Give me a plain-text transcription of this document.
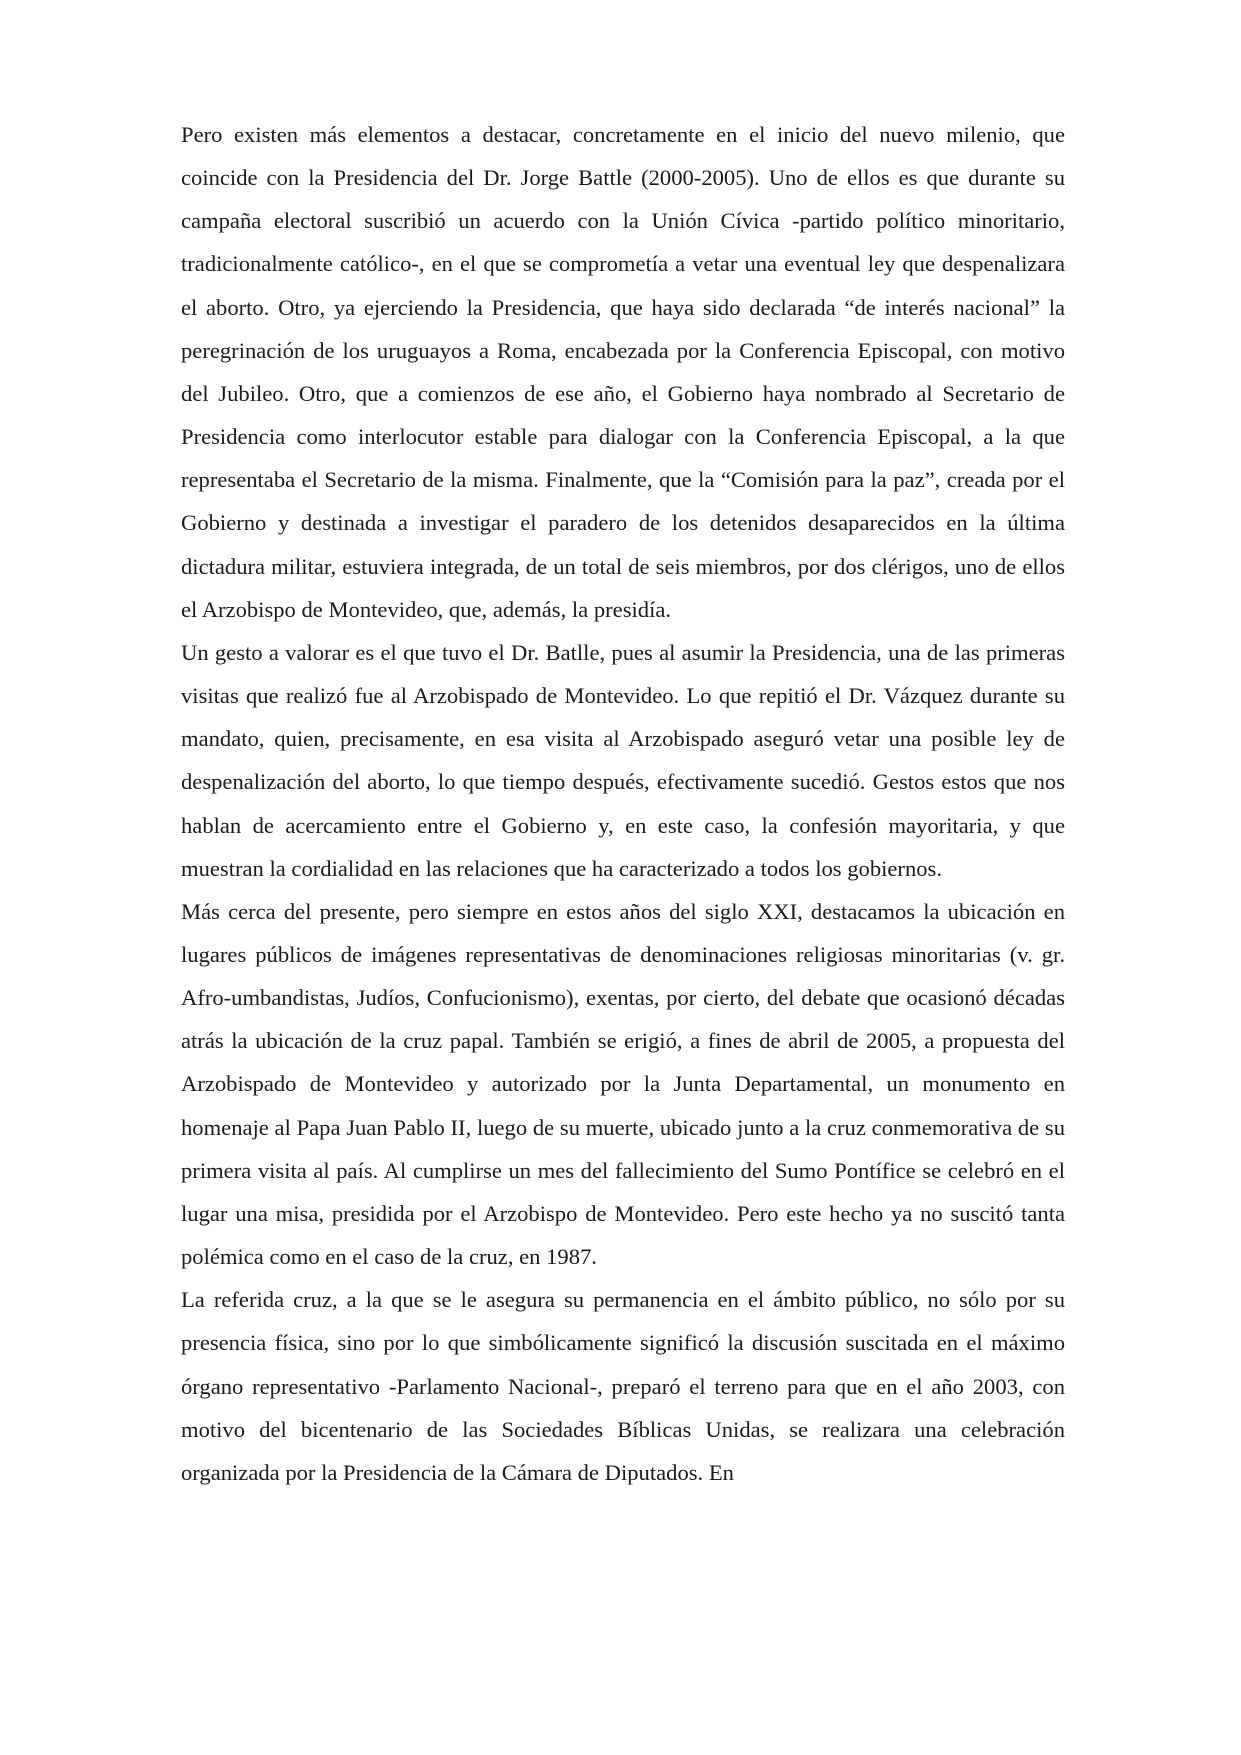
Pero existen más elementos a destacar, concretamente en el inicio del nuevo milenio, que coincide con la Presidencia del Dr. Jorge Battle (2000-2005). Uno de ellos es que durante su campaña electoral suscribió un acuerdo con la Unión Cívica -partido político minoritario, tradicionalmente católico-, en el que se comprometía a vetar una eventual ley que despenalizara el aborto. Otro, ya ejerciendo la Presidencia, que haya sido declarada “de interés nacional” la peregrinación de los uruguayos a Roma, encabezada por la Conferencia Episcopal, con motivo del Jubileo. Otro, que a comienzos de ese año, el Gobierno haya nombrado al Secretario de Presidencia como interlocutor estable para dialogar con la Conferencia Episcopal, a la que representaba el Secretario de la misma. Finalmente, que la “Comisión para la paz”, creada por el Gobierno y destinada a investigar el paradero de los detenidos desaparecidos en la última dictadura militar, estuviera integrada, de un total de seis miembros, por dos clérigos, uno de ellos el Arzobispo de Montevideo, que, además, la presidía.

Un gesto a valorar es el que tuvo el Dr. Batlle, pues al asumir la Presidencia, una de las primeras visitas que realizó fue al Arzobispado de Montevideo. Lo que repitió el Dr. Vázquez durante su mandato, quien, precisamente, en esa visita al Arzobispado aseguró vetar una posible ley de despenalización del aborto, lo que tiempo después, efectivamente sucedió. Gestos estos que nos hablan de acercamiento entre el Gobierno y, en este caso, la confesión mayoritaria, y que muestran la cordialidad en las relaciones que ha caracterizado a todos los gobiernos.

Más cerca del presente, pero siempre en estos años del siglo XXI, destacamos la ubicación en lugares públicos de imágenes representativas de denominaciones religiosas minoritarias (v. gr. Afro-umbandistas, Judíos, Confucionismo), exentas, por cierto, del debate que ocasionó décadas atrás la ubicación de la cruz papal. También se erigió, a fines de abril de 2005, a propuesta del Arzobispado de Montevideo y autorizado por la Junta Departamental, un monumento en homenaje al Papa Juan Pablo II, luego de su muerte, ubicado junto a la cruz conmemorativa de su primera visita al país. Al cumplirse un mes del fallecimiento del Sumo Pontífice se celebró en el lugar una misa, presidida por el Arzobispo de Montevideo. Pero este hecho ya no suscitó tanta polémica como en el caso de la cruz, en 1987.

La referida cruz, a la que se le asegura su permanencia en el ámbito público, no sólo por su presencia física, sino por lo que simbólicamente significó la discusión suscitada en el máximo órgano representativo -Parlamento Nacional-, preparó el terreno para que en el año 2003, con motivo del bicentenario de las Sociedades Bíblicas Unidas, se realizara una celebración organizada por la Presidencia de la Cámara de Diputados. En
